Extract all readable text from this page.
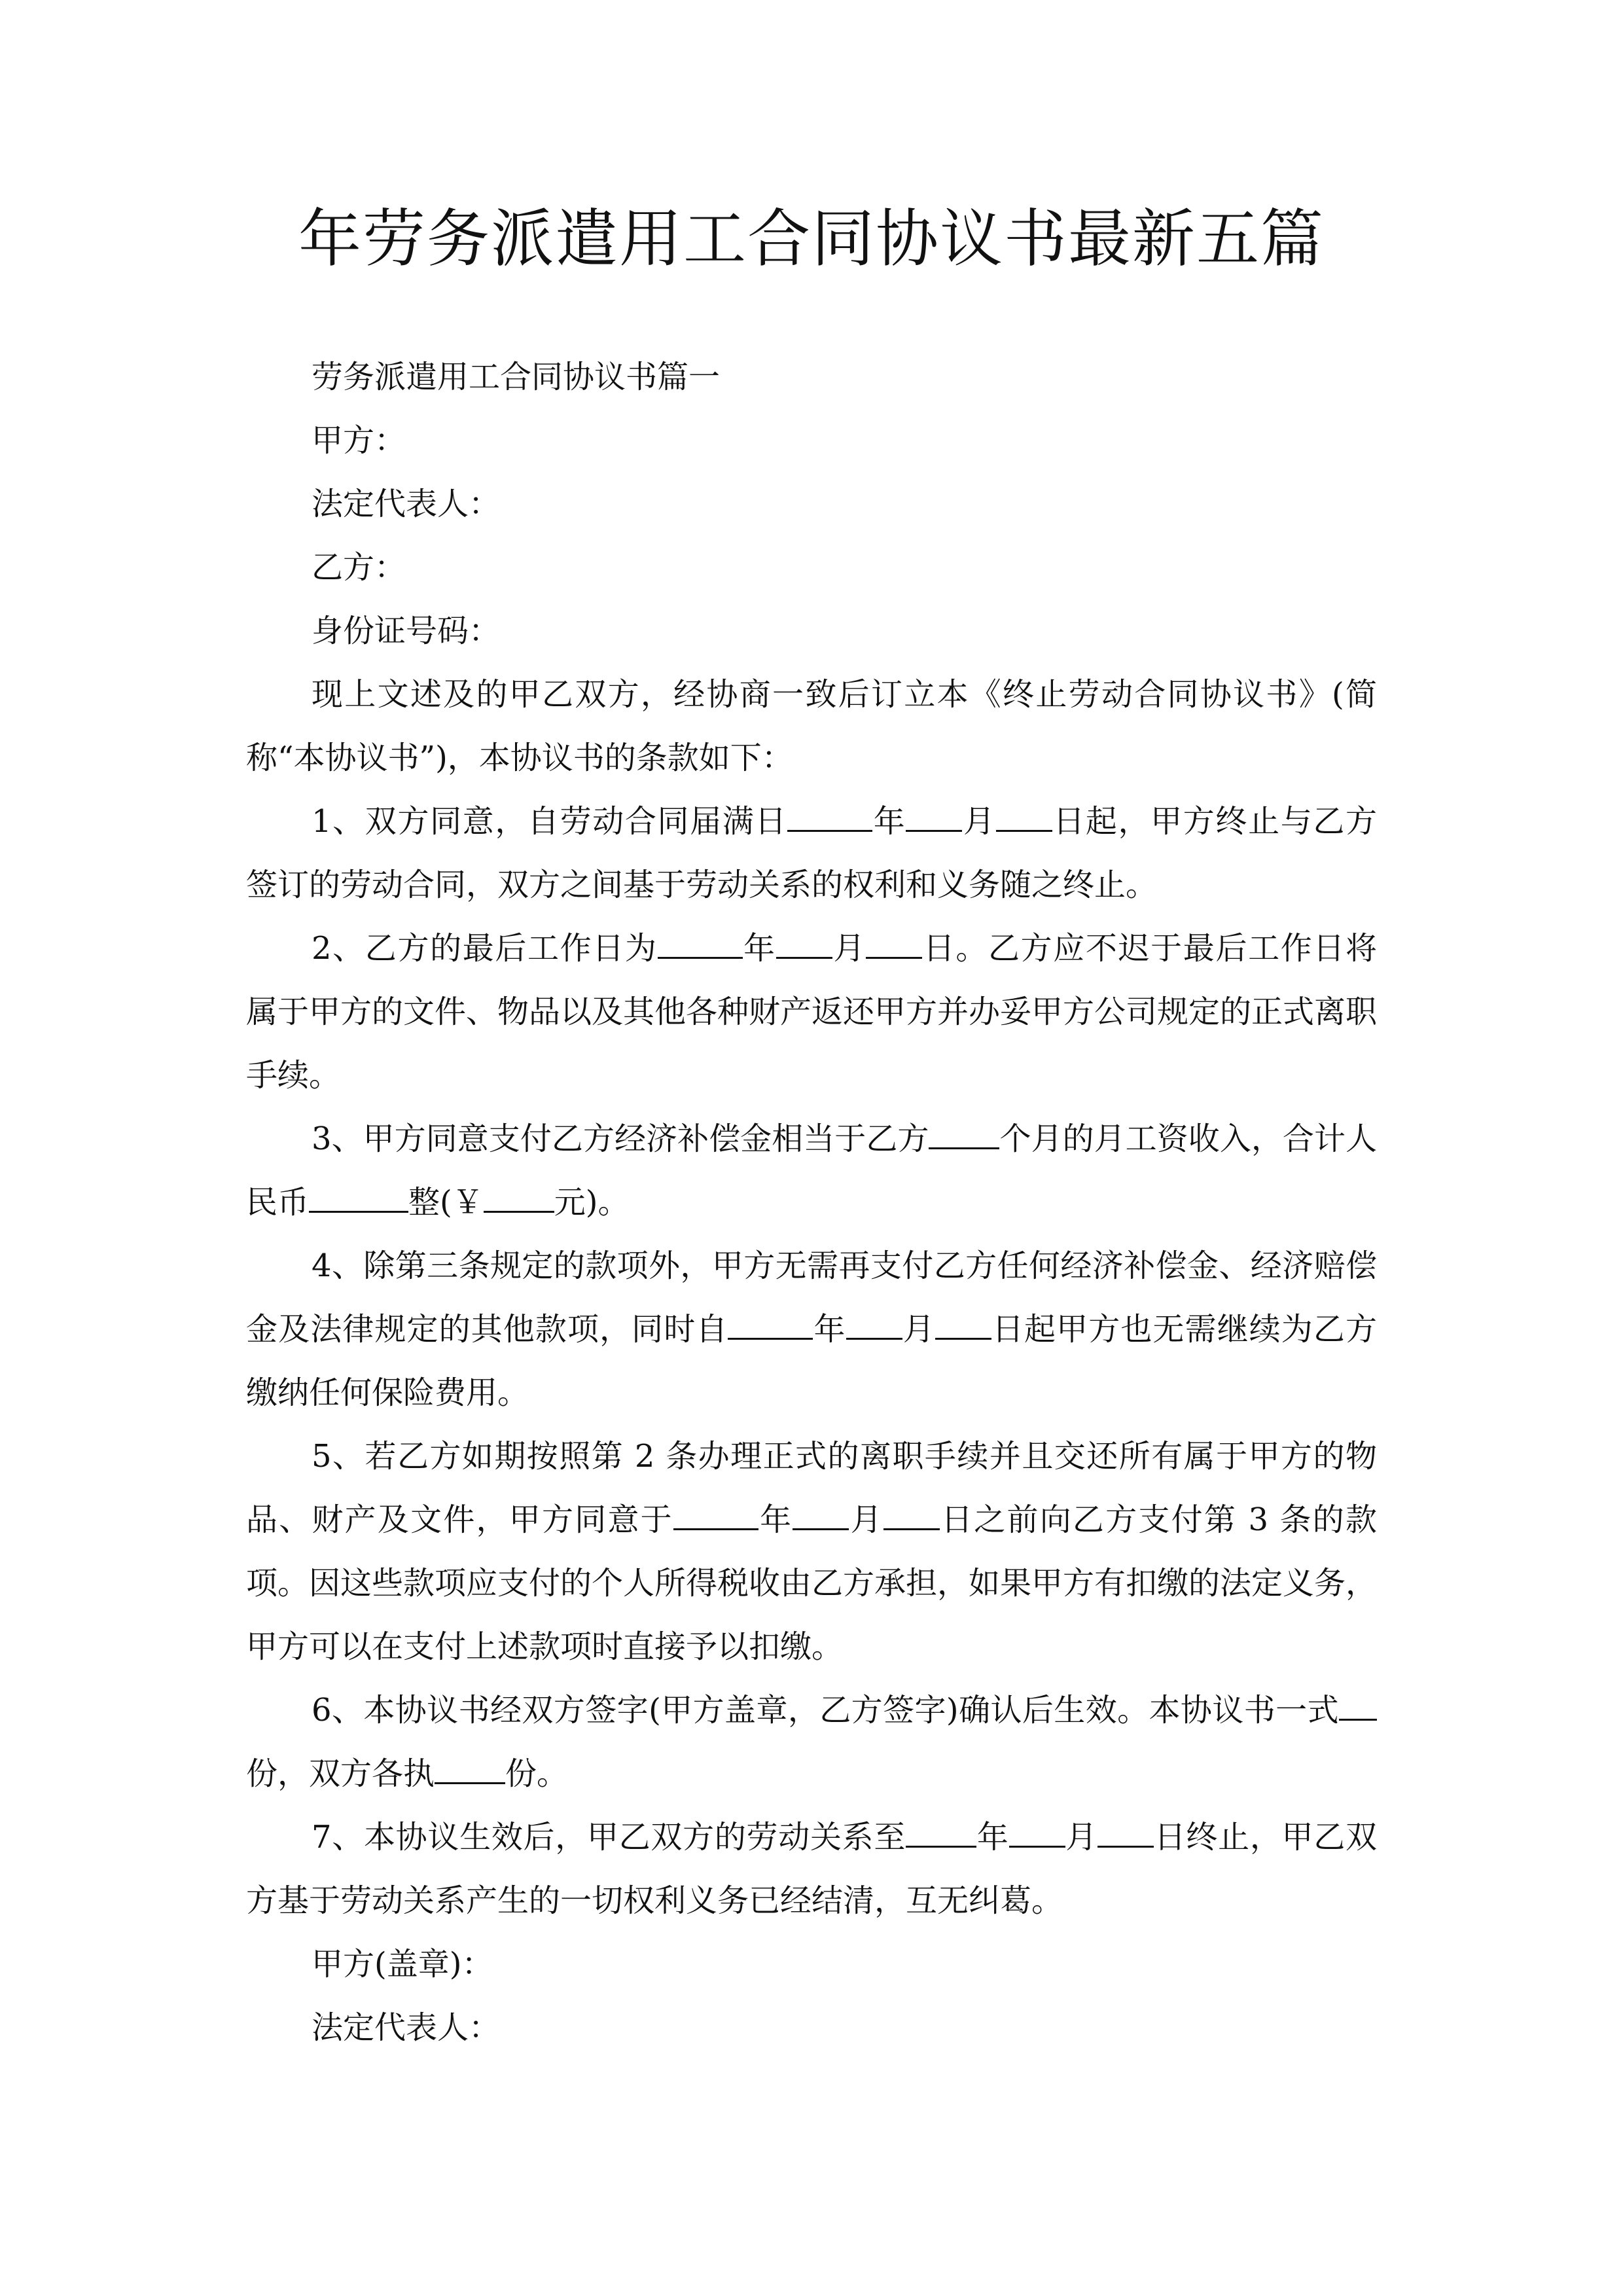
年劳务派遣用工合同协议书最新五篇

劳务派遣用工合同协议书篇一

甲方：

法定代表人：

乙方：

身份证号码：

现上文述及的甲乙双方，经协商一致后订立本《终止劳动合同协议书》(简称“本协议书”)，本协议书的条款如下：

1、双方同意，自劳动合同届满日	年 月 日起，甲方终止与乙方签订的劳动合同，双方之间基于劳动关系的权利和义务随之终止。

2、乙方的最后工作日为	年 月 日。乙方应不迟于最后工作日将属于甲方的文件、物品以及其他各种财产返还甲方并办妥甲方公司规定的正式离职手续。

3、甲方同意支付乙方经济补偿金相当于乙方 个月的月工资收入，合计人民币	整(￥ 元)。

4、除第三条规定的款项外，甲方无需再支付乙方任何经济补偿金、经济赔偿金及法律规定的其他款项，同时自	年 月 日起甲方也无需继续为乙方缴纳任何保险费用。

5、若乙方如期按照第 2 条办理正式的离职手续并且交还所有属于甲方的物品、财产及文件，甲方同意于	年 月 日之前向乙方支付第 3 条的款项。因这些款项应支付的个人所得税收由乙方承担，如果甲方有扣缴的法定义务，甲方可以在支付上述款项时直接予以扣缴。

6、本协议书经双方签字(甲方盖章，乙方签字)确认后生效。本协议书一式份，双方各执 份。

7、本协议生效后，甲乙双方的劳动关系至 年 月 日终止，甲乙双方基于劳动关系产生的一切权利义务已经结清，互无纠葛。

甲方(盖章)：

法定代表人：
